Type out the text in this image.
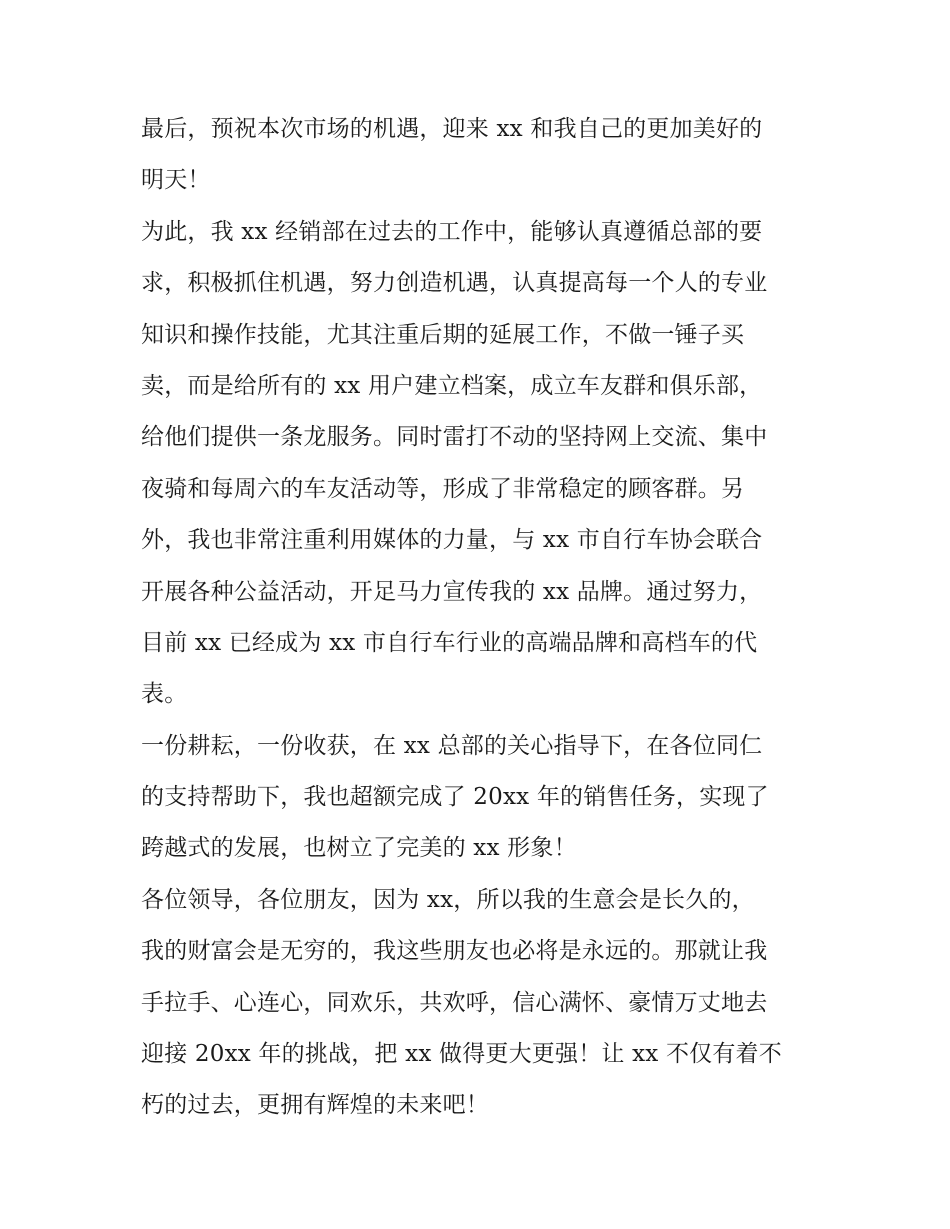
最后，预祝本次市场的机遇，迎来 xx 和我自己的更加美好的
明天！
为此，我 xx 经销部在过去的工作中，能够认真遵循总部的要
求，积极抓住机遇，努力创造机遇，认真提高每一个人的专业
知识和操作技能，尤其注重后期的延展工作，不做一锤子买
卖，而是给所有的 xx 用户建立档案，成立车友群和俱乐部，
给他们提供一条龙服务。同时雷打不动的坚持网上交流、集中
夜骑和每周六的车友活动等，形成了非常稳定的顾客群。另
外，我也非常注重利用媒体的力量，与 xx 市自行车协会联合
开展各种公益活动，开足马力宣传我的 xx 品牌。通过努力，
目前 xx 已经成为 xx 市自行车行业的高端品牌和高档车的代
表。
一份耕耘，一份收获，在 xx 总部的关心指导下，在各位同仁
的支持帮助下，我也超额完成了 20xx 年的销售任务，实现了
跨越式的发展，也树立了完美的 xx 形象！
各位领导，各位朋友，因为 xx，所以我的生意会是长久的，
我的财富会是无穷的，我这些朋友也必将是永远的。那就让我
手拉手、心连心，同欢乐，共欢呼，信心满怀、豪情万丈地去
迎接 20xx 年的挑战，把 xx 做得更大更强！让 xx 不仅有着不
朽的过去，更拥有辉煌的未来吧！
